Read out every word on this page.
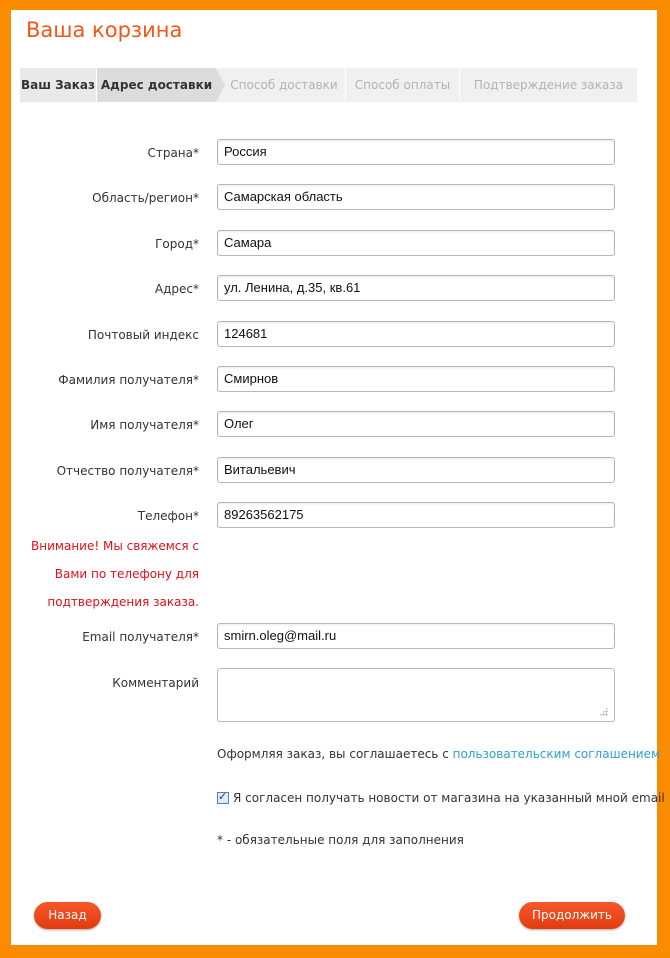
Ваша корзина
Ваш Заказ Адрес доставки	Способ доставки	Способ оплаты	Подтверждение заказа
Страна*	Россия
Область/регион*	Самарская область
Город*	Самара
Адрес*	ул. Ленина, д.35, кв.61
Почтовый индекс	124681
Фамилия получателя*	Смирнов
Имя получателя*	Олег
Отчество получателя*	Витальевич
Телефон*	89263562175
Внимание! Мы свяжемся с Вами по телефону для подтверждения заказа.
Email получателя*	smirn.oleg@mail.ru
Комментарий
Оформляя заказ, вы соглашаетесь с пользовательским соглашением
✓
Я согласен получать новости от магазина на указанный мной email
* - обязательные поля для заполнения
Назад	Продолжить
